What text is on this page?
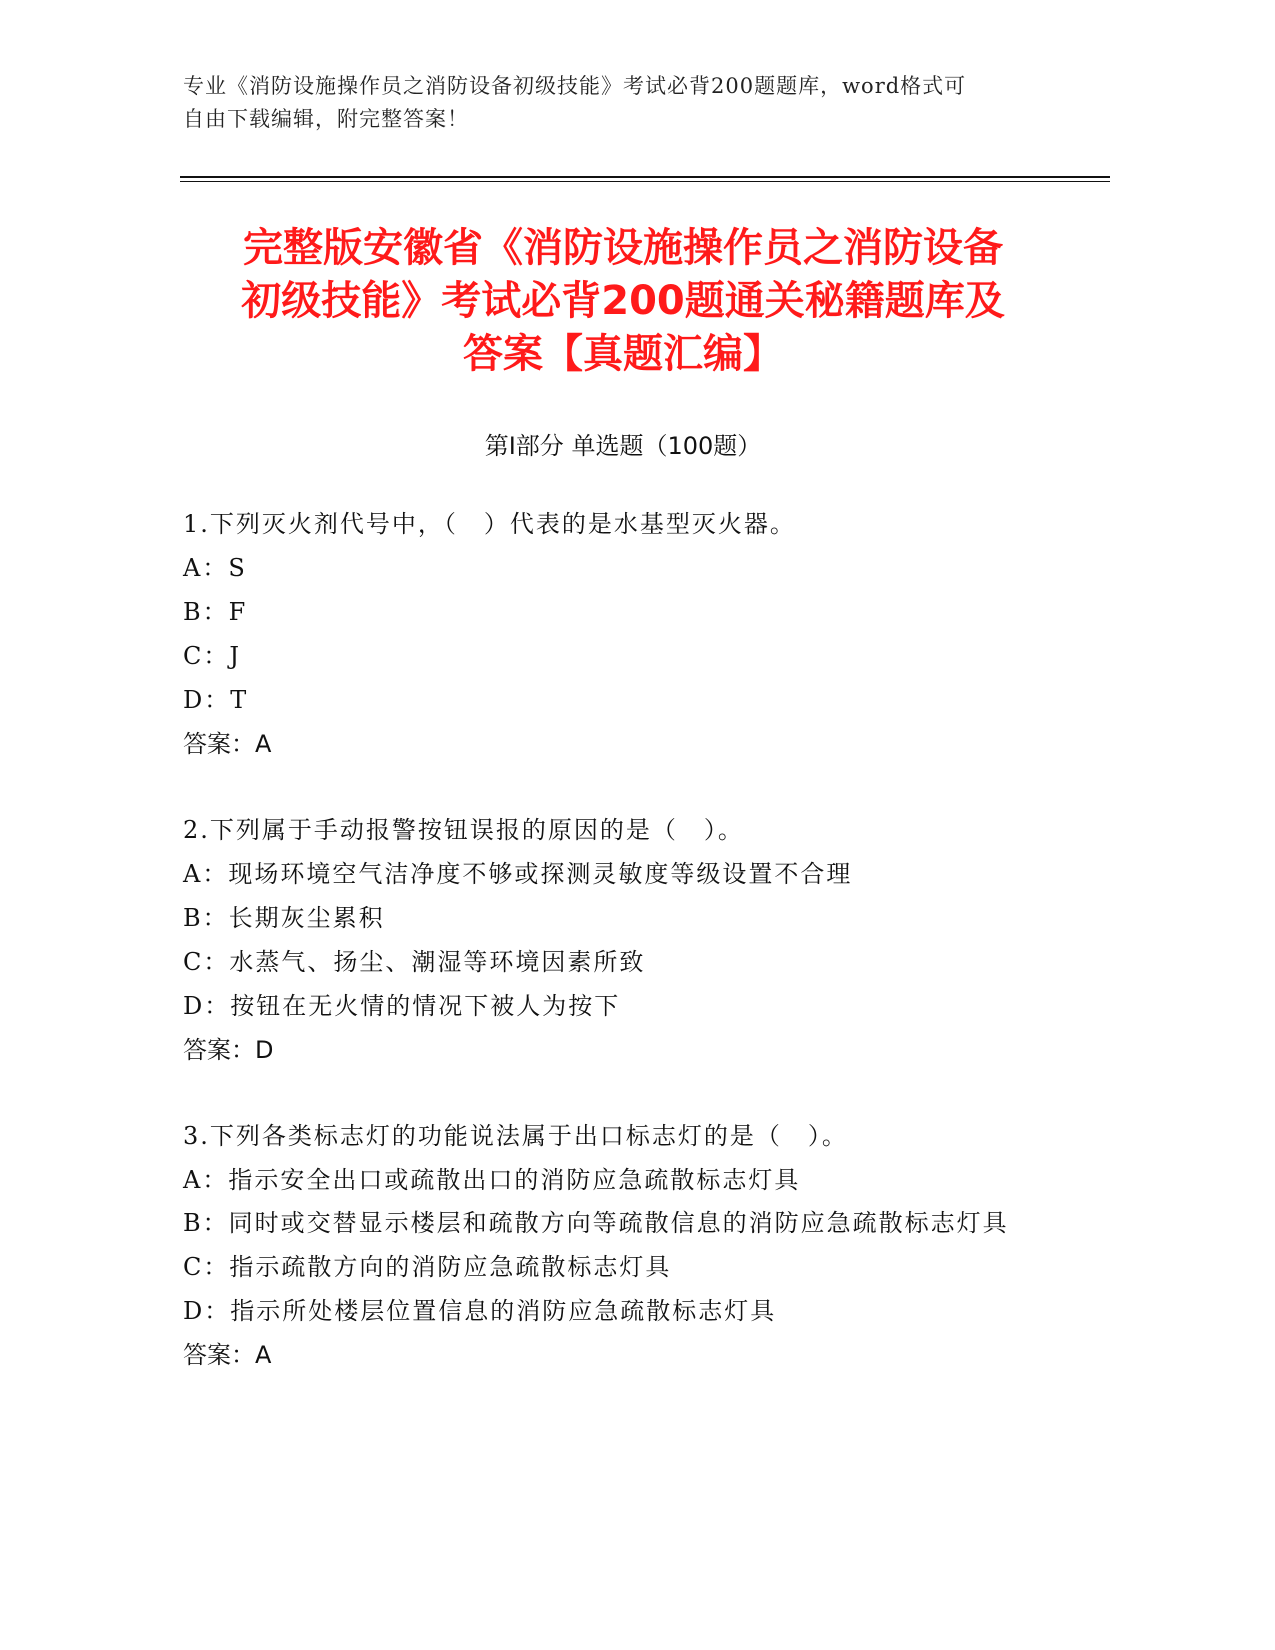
专业《消防设施操作员之消防设备初级技能》考试必背200题题库，word格式可
自由下载编辑，附完整答案！
完整版安徽省《消防设施操作员之消防设备
初级技能》考试必背200题通关秘籍题库及
答案【真题汇编】
第I部分 单选题（100题）

1.下列灭火剂代号中，（　）代表的是水基型灭火器。

A：S

B：F

C：J

D：T

答案：A

2.下列属于手动报警按钮误报的原因的是（　）。

A：现场环境空气洁净度不够或探测灵敏度等级设置不合理

B：长期灰尘累积

C：水蒸气、扬尘、潮湿等环境因素所致

D：按钮在无火情的情况下被人为按下

答案：D

3.下列各类标志灯的功能说法属于出口标志灯的是（　）。

A：指示安全出口或疏散出口的消防应急疏散标志灯具

B：同时或交替显示楼层和疏散方向等疏散信息的消防应急疏散标志灯具

C：指示疏散方向的消防应急疏散标志灯具

D：指示所处楼层位置信息的消防应急疏散标志灯具

答案：A
